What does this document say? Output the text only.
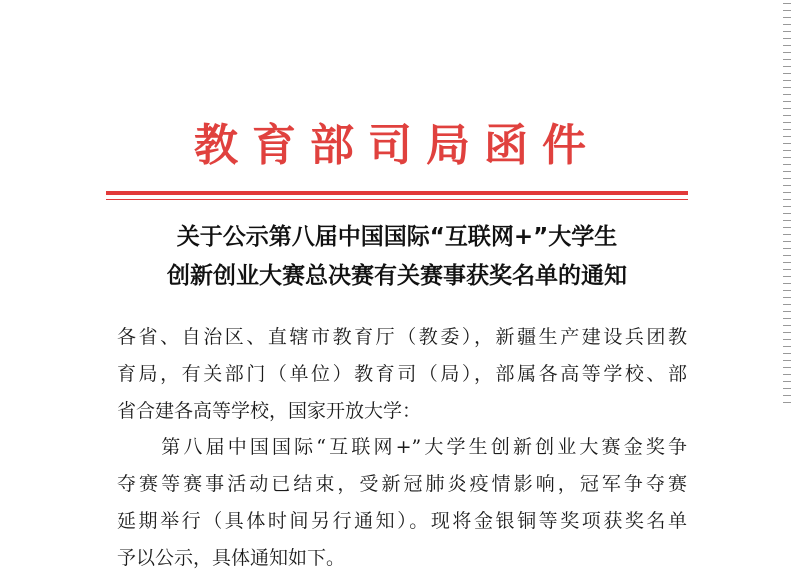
教育部司局函件
关于公示第八届中国国际“互联网+”大学生
创新创业大赛总决赛有关赛事获奖名单的通知
各省、自治区、直辖市教育厅（教委），新疆生产建设兵团教
育局，有关部门（单位）教育司（局），部属各高等学校、部
省合建各高等学校，国家开放大学：
　　第八届中国国际“互联网+”大学生创新创业大赛金奖争
夺赛等赛事活动已结束，受新冠肺炎疫情影响，冠军争夺赛
延期举行（具体时间另行通知）。现将金银铜等奖项获奖名单
予以公示，具体通知如下。
